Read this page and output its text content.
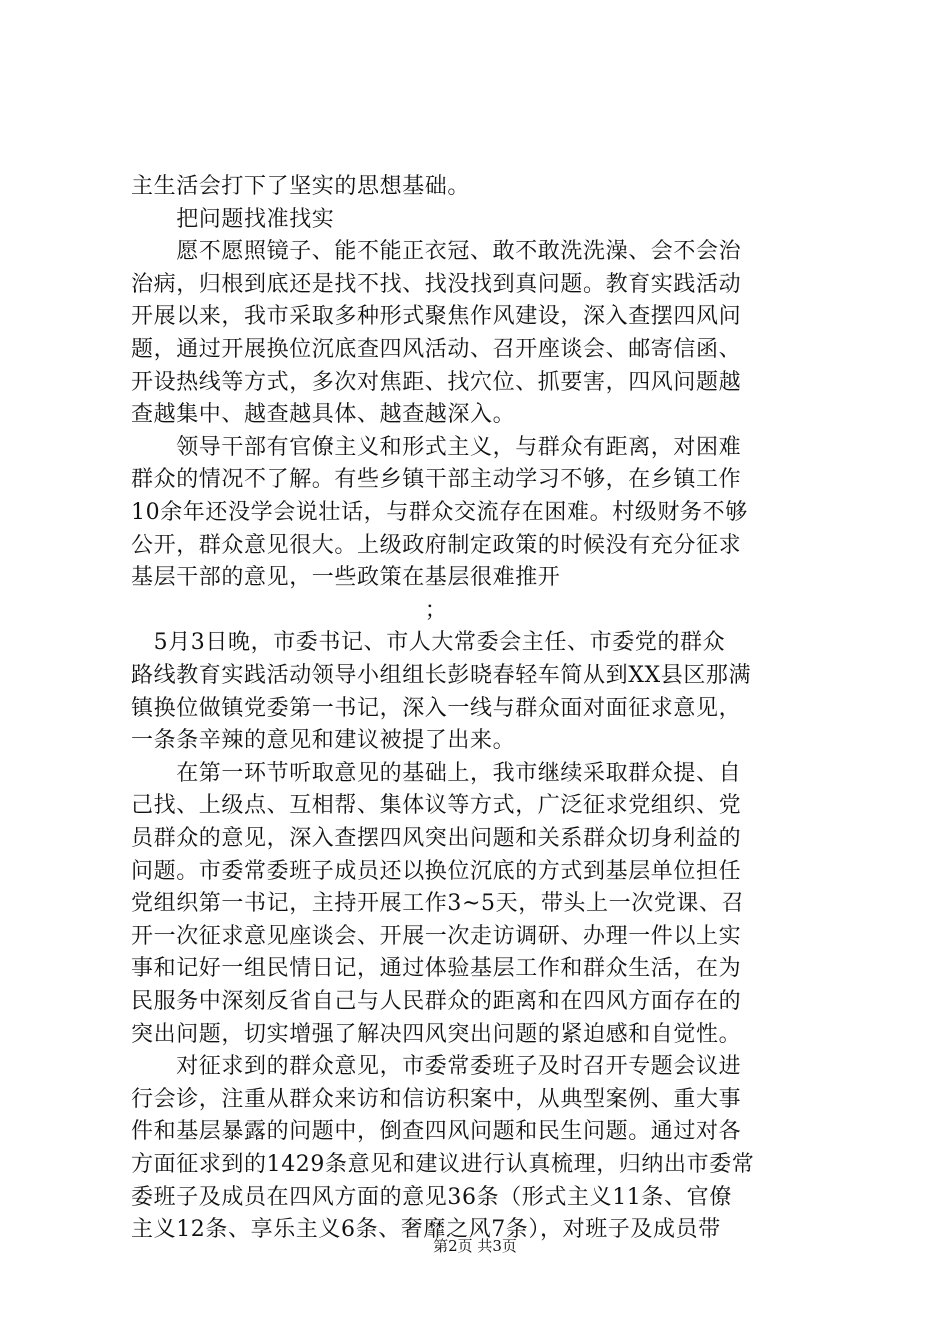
主生活会打下了坚实的思想基础。
　　把问题找准找实
　　愿不愿照镜子、能不能正衣冠、敢不敢洗洗澡、会不会治
治病，归根到底还是找不找、找没找到真问题。教育实践活动
开展以来，我市采取多种形式聚焦作风建设，深入查摆四风问
题，通过开展换位沉底查四风活动、召开座谈会、邮寄信函、
开设热线等方式，多次对焦距、找穴位、抓要害，四风问题越
查越集中、越查越具体、越查越深入。
　　领导干部有官僚主义和形式主义，与群众有距离，对困难
群众的情况不了解。有些乡镇干部主动学习不够，在乡镇工作
10余年还没学会说壮话，与群众交流存在困难。村级财务不够
公开，群众意见很大。上级政府制定政策的时候没有充分征求
基层干部的意见，一些政策在基层很难推开
　　　　　　　　　　　　　；
　5月3日晚，市委书记、市人大常委会主任、市委党的群众
路线教育实践活动领导小组组长彭晓春轻车简从到XX县区那满
镇换位做镇党委第一书记，深入一线与群众面对面征求意见，
一条条辛辣的意见和建议被提了出来。
　　在第一环节听取意见的基础上，我市继续采取群众提、自
己找、上级点、互相帮、集体议等方式，广泛征求党组织、党
员群众的意见，深入查摆四风突出问题和关系群众切身利益的
问题。市委常委班子成员还以换位沉底的方式到基层单位担任
党组织第一书记，主持开展工作3~5天，带头上一次党课、召
开一次征求意见座谈会、开展一次走访调研、办理一件以上实
事和记好一组民情日记，通过体验基层工作和群众生活，在为
民服务中深刻反省自己与人民群众的距离和在四风方面存在的
突出问题，切实增强了解决四风突出问题的紧迫感和自觉性。
　　对征求到的群众意见，市委常委班子及时召开专题会议进
行会诊，注重从群众来访和信访积案中，从典型案例、重大事
件和基层暴露的问题中，倒查四风问题和民生问题。通过对各
方面征求到的1429条意见和建议进行认真梳理，归纳出市委常
委班子及成员在四风方面的意见36条（形式主义11条、官僚
主义12条、享乐主义6条、奢靡之风7条），对班子及成员带
第2页 共3页
